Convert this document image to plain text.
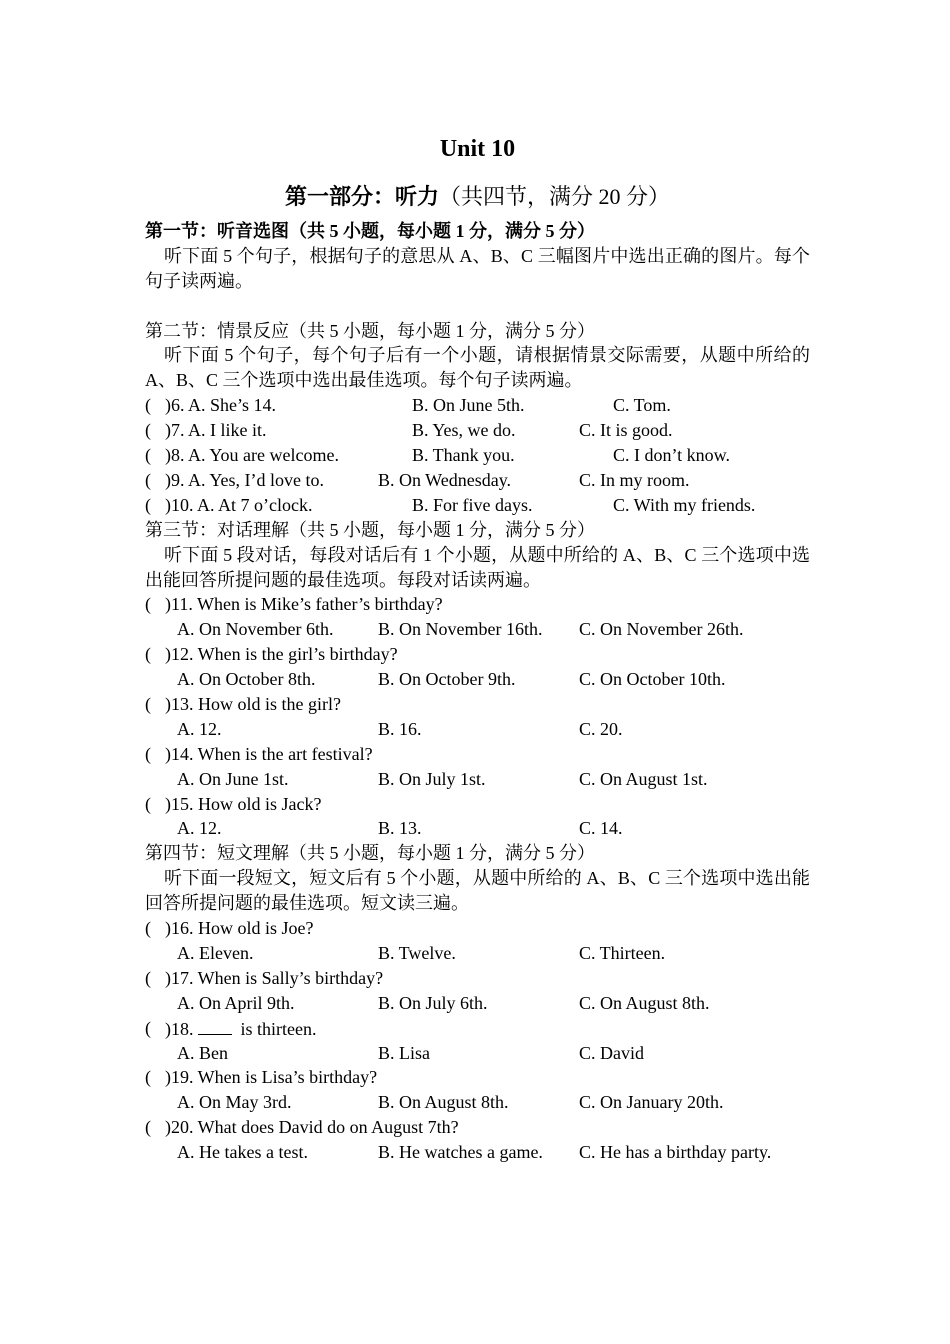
Unit 10
第一部分：听力（共四节，满分 20 分）
第一节：听音选图（共 5 小题，每小题 1 分，满分 5 分）

听下面 5 个句子，根据句子的意思从 A、B、C 三幅图片中选出正确的图片。每个句子读两遍。

第二节：情景反应（共 5 小题，每小题 1 分，满分 5 分）

听下面 5 个句子，每个句子后有一个小题，请根据情景交际需要，从题中所给的 A、B、C 三个选项中选出最佳选项。每个句子读两遍。

( )6. A. She’s 14.	B. On June 5th.	C. Tom.
( )7. A. I like it.	B. Yes, we do.	C. It is good.
( )8. A. You are welcome.	B. Thank you.	C. I don’t know.
( )9. A. Yes, I’d love to.	B. On Wednesday.	C. In my room.
( )10. A. At 7 o’clock.	B. For five days.	C. With my friends.
第三节：对话理解（共 5 小题，每小题 1 分，满分 5 分）

听下面 5 段对话，每段对话后有 1 个小题，从题中所给的 A、B、C 三个选项中选出能回答所提问题的最佳选项。每段对话读两遍。

( )11. When is Mike’s father’s birthday?
A. On November 6th. B. On November 16th. C. On November 26th.
( )12. When is the girl’s birthday?
A. On October 8th.	B. On October 9th.	C. On October 10th.
( )13. How old is the girl?
A. 12.	B. 16.	C. 20.
( )14. When is the art festival?
A. On June 1st.	B. On July 1st.	C. On August 1st.
( )15. How old is Jack?
A. 12.	B. 13.	C. 14.
第四节：短文理解（共 5 小题，每小题 1 分，满分 5 分）

听下面一段短文，短文后有 5 个小题，从题中所给的 A、B、C 三个选项中选出能回答所提问题的最佳选项。短文读三遍。

( )16. How old is Joe?
A. Eleven.	B. Twelve.	C. Thirteen.
( )17. When is Sally’s birthday?
A. On April 9th.	B. On July 6th.	C. On August 8th.
( )18.  is thirteen.
A. Ben	B. Lisa	C. David
( )19. When is Lisa’s birthday?
A. On May 3rd.	B. On August 8th.	C. On January 20th.
( )20. What does David do on August 7th?
A. He takes a test.	B. He watches a game. C. He has a birthday party.
